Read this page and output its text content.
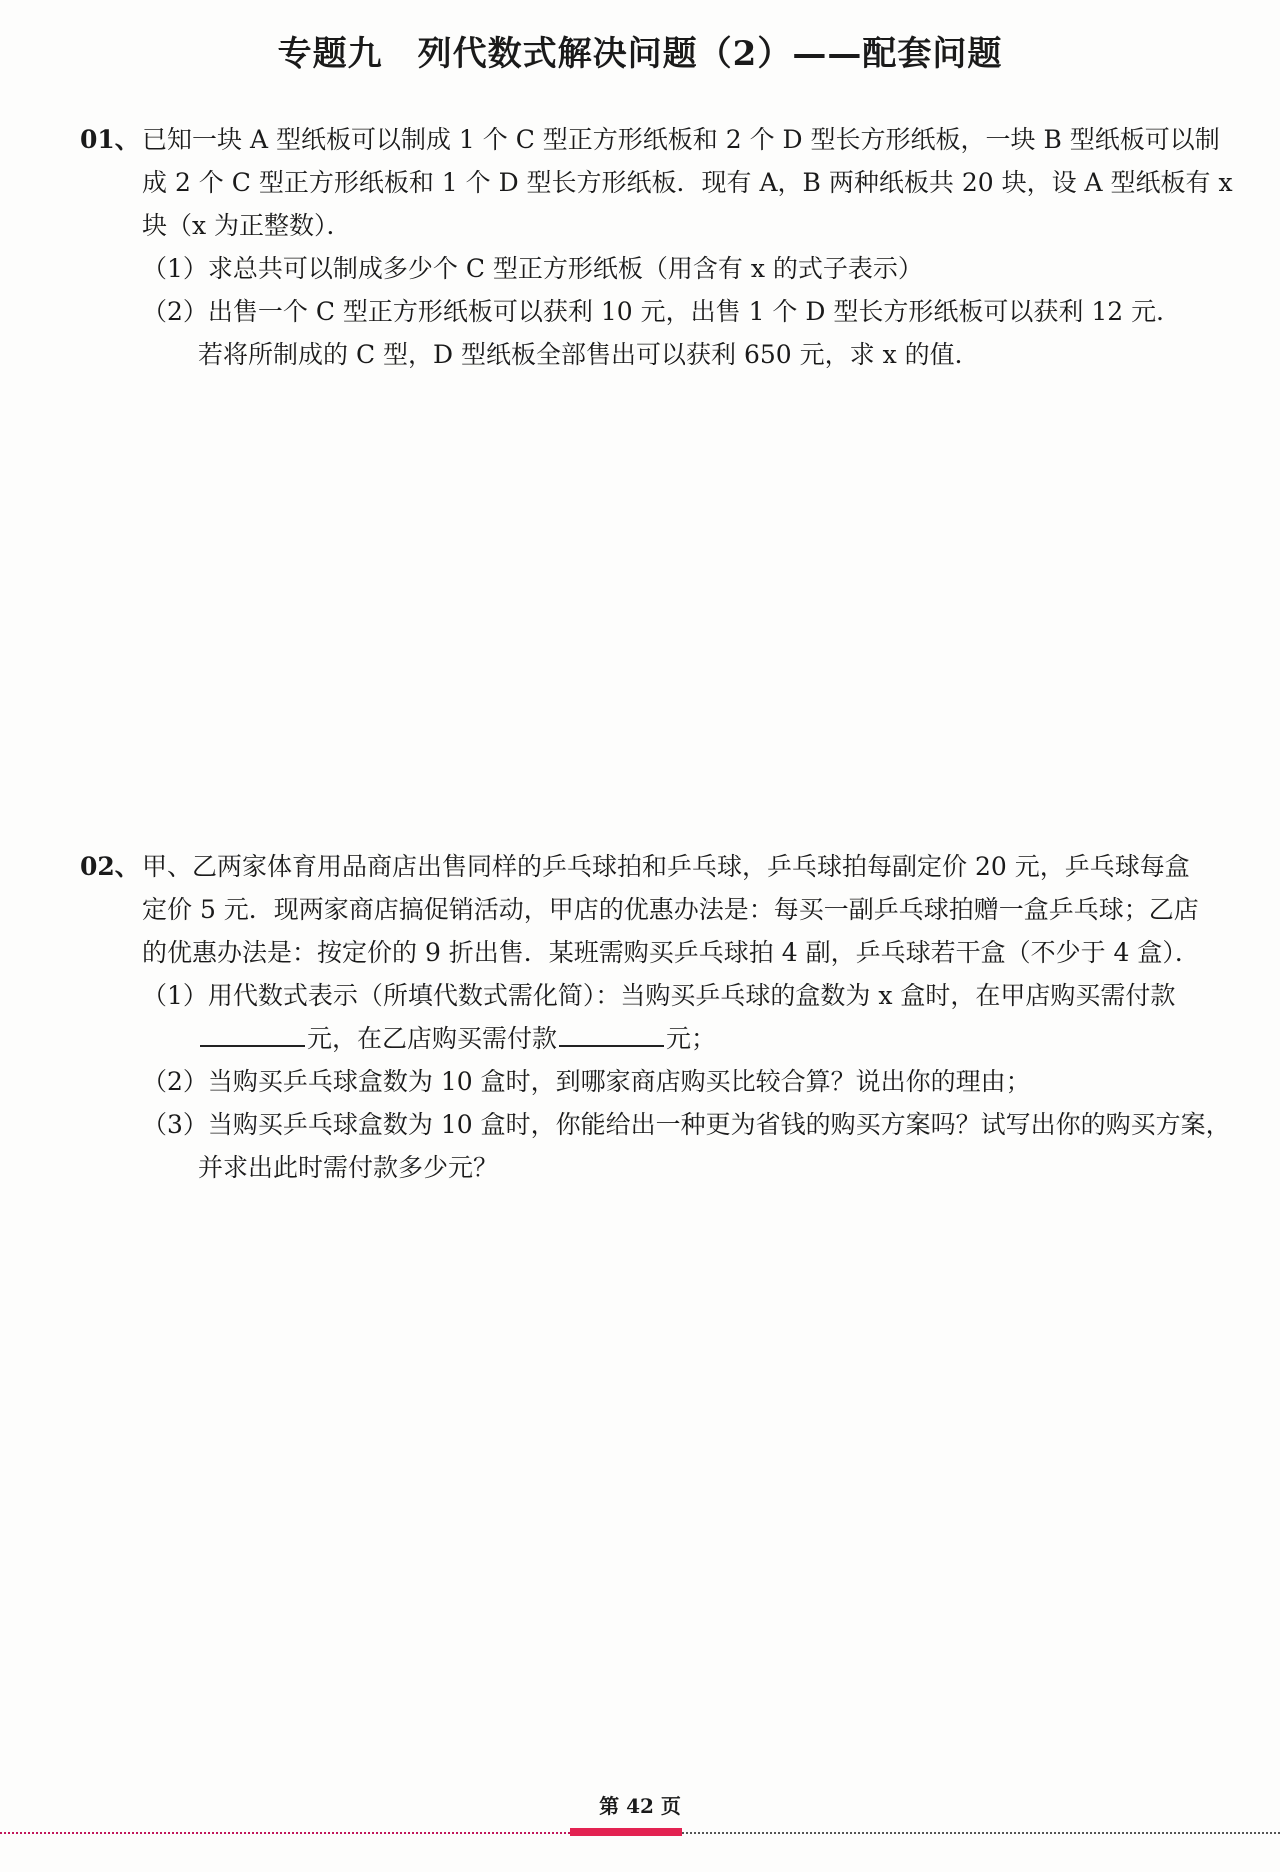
专题九　列代数式解决问题（2）——配套问题
01、已知一块 A 型纸板可以制成 1 个 C 型正方形纸板和 2 个 D 型长方形纸板，一块 B 型纸板可以制
成 2 个 C 型正方形纸板和 1 个 D 型长方形纸板．现有 A，B 两种纸板共 20 块，设 A 型纸板有 x
块（x 为正整数）．
（1）求总共可以制成多少个 C 型正方形纸板（用含有 x 的式子表示）
（2）出售一个 C 型正方形纸板可以获利 10 元，出售 1 个 D 型长方形纸板可以获利 12 元．
若将所制成的 C 型，D 型纸板全部售出可以获利 650 元，求 x 的值．
02、甲、乙两家体育用品商店出售同样的乒乓球拍和乒乓球，乒乓球拍每副定价 20 元，乒乓球每盒
定价 5 元．现两家商店搞促销活动，甲店的优惠办法是：每买一副乒乓球拍赠一盒乒乓球；乙店
的优惠办法是：按定价的 9 折出售．某班需购买乒乓球拍 4 副，乒乓球若干盒（不少于 4 盒）．
（1）用代数式表示（所填代数式需化简）：当购买乒乓球的盒数为 x 盒时，在甲店购买需付款
元，在乙店购买需付款	元；
（2）当购买乒乓球盒数为 10 盒时，到哪家商店购买比较合算？说出你的理由；
（3）当购买乒乓球盒数为 10 盒时，你能给出一种更为省钱的购买方案吗？试写出你的购买方案，
并求出此时需付款多少元？
第 42 页
